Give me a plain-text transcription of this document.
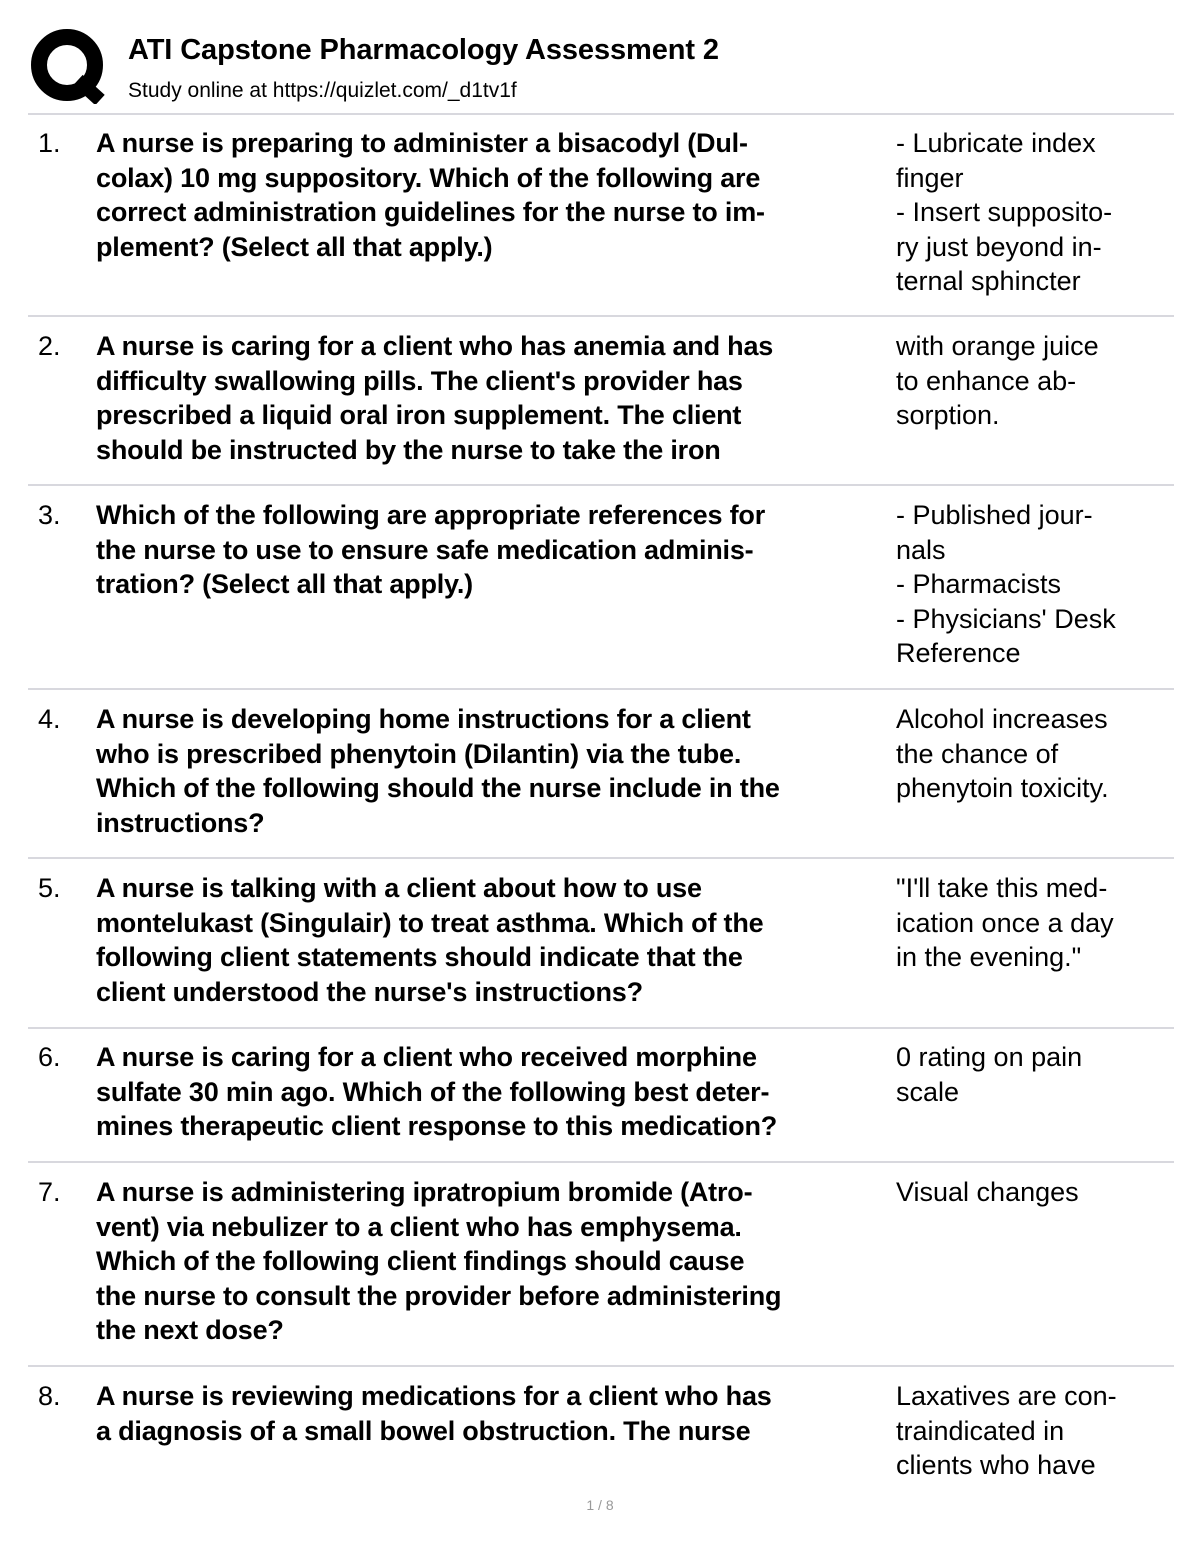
ATI Capstone Pharmacology Assessment 2
Study online at https://quizlet.com/_d1tv1f
1. A nurse is preparing to administer a bisacodyl (Dul-
colax) 10 mg suppository. Which of the following are
correct administration guidelines for the nurse to im-
plement? (Select all that apply.)
- Lubricate index
finger
- Insert supposito-
ry just beyond in-
ternal sphincter
2. A nurse is caring for a client who has anemia and has
difficulty swallowing pills. The client's provider has
prescribed a liquid oral iron supplement. The client
should be instructed by the nurse to take the iron
with orange juice
to enhance ab-
sorption.
3. Which of the following are appropriate references for
the nurse to use to ensure safe medication adminis-
tration? (Select all that apply.)
- Published jour-
nals
- Pharmacists
- Physicians' Desk
Reference
4. A nurse is developing home instructions for a client
who is prescribed phenytoin (Dilantin) via the tube.
Which of the following should the nurse include in the
instructions?
Alcohol increases
the chance of
phenytoin toxicity.
5. A nurse is talking with a client about how to use
montelukast (Singulair) to treat asthma. Which of the
following client statements should indicate that the
client understood the nurse's instructions?
"I'll take this med-
ication once a day
in the evening."
6. A nurse is caring for a client who received morphine
sulfate 30 min ago. Which of the following best deter-
mines therapeutic client response to this medication?
0 rating on pain
scale
7. A nurse is administering ipratropium bromide (Atro-
vent) via nebulizer to a client who has emphysema.
Which of the following client findings should cause
the nurse to consult the provider before administering
the next dose?
Visual changes
8. A nurse is reviewing medications for a client who has
a diagnosis of a small bowel obstruction. The nurse
Laxatives are con-
traindicated in
clients who have
1 / 8
